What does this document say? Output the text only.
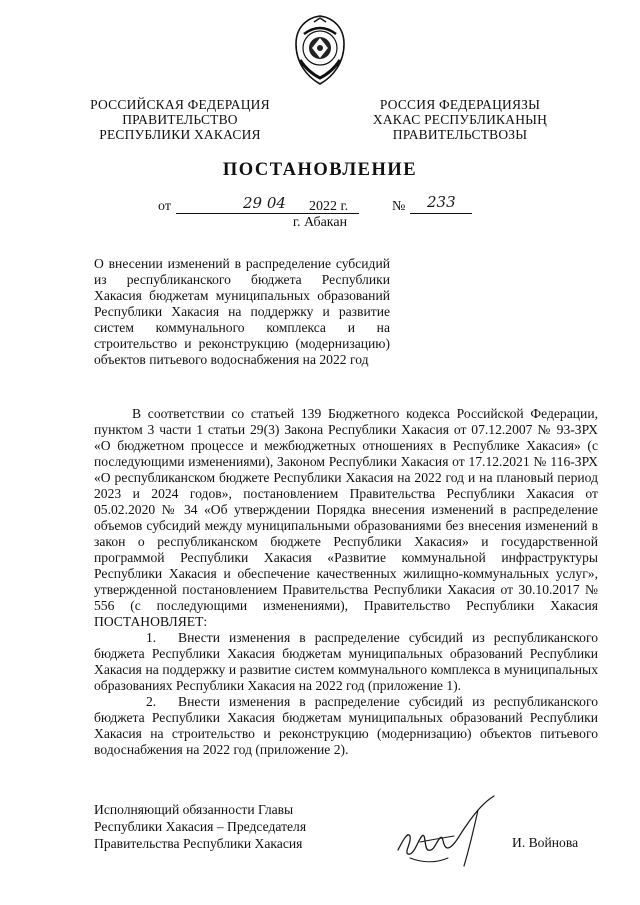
РОССИЙСКАЯ ФЕДЕРАЦИЯ
ПРАВИТЕЛЬСТВО
РЕСПУБЛИКИ ХАКАСИЯ
РОССИЯ ФЕДЕРАЦИЯЗЫ
ХАКАС РЕСПУБЛИКАНЫҢ
ПРАВИТЕЛЬСТВОЗЫ
ПОСТАНОВЛЕНИЕ
от	29 04 2022 г.	№ 233
г. Абакан
О внесении изменений в распределение субсидий из республиканского бюджета Республики Хакасия бюджетам муниципальных образований Республики Хакасия на поддержку и развитие систем коммунального комплекса и на строительство и реконструкцию (модернизацию) объектов питьевого водоснабжения на 2022 год

В соответствии со статьей 139 Бюджетного кодекса Российской Федерации, пунктом 3 части 1 статьи 29(3) Закона Республики Хакасия от 07.12.2007 № 93-ЗРХ «О бюджетном процессе и межбюджетных отношениях в Республике Хакасия» (с последующими изменениями), Законом Республики Хакасия от 17.12.2021 № 116-ЗРХ «О республиканском бюджете Республики Хакасия на 2022 год и на плановый период 2023 и 2024 годов», постановлением Правительства Республики Хакасия от 05.02.2020 № 34 «Об утверждении Порядка внесения изменений в распределение объемов субсидий между муниципальными образованиями без внесения изменений в закон о республиканском бюджете Республики Хакасия» и государственной программой Республики Хакасия «Развитие коммунальной инфраструктуры Республики Хакасия и обеспечение качественных жилищно-коммунальных услуг», утвержденной постановлением Правительства Республики Хакасия от 30.10.2017 № 556 (с последующими изменениями), Правительство Республики Хакасия ПОСТАНОВЛЯЕТ:

1. Внести изменения в распределение субсидий из республиканского бюджета Республики Хакасия бюджетам муниципальных образований Республики Хакасия на поддержку и развитие систем коммунального комплекса в муниципальных образованиях Республики Хакасия на 2022 год (приложение 1).

2. Внести изменения в распределение субсидий из республиканского бюджета Республики Хакасия бюджетам муниципальных образований Республики Хакасия на строительство и реконструкцию (модернизацию) объектов питьевого водоснабжения на 2022 год (приложение 2).

Исполняющий обязанности Главы
Республики Хакасия – Председателя
Правительства Республики Хакасия	И. Войнова
